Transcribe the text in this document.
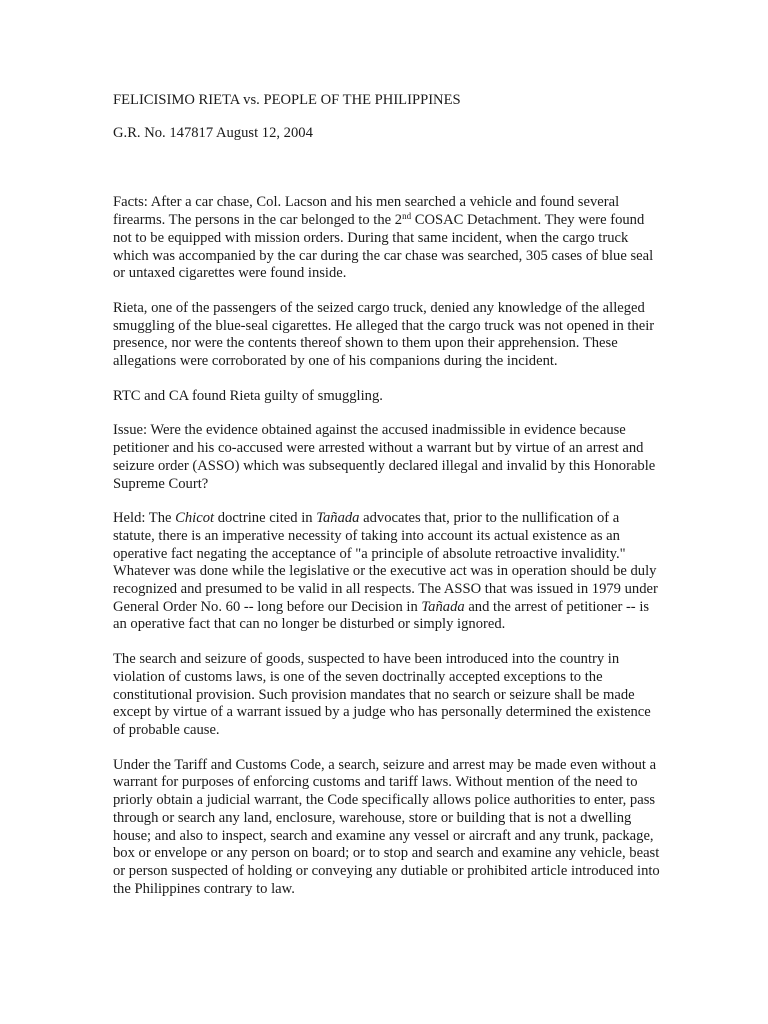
FELICISIMO RIETA vs. PEOPLE OF THE PHILIPPINES

G.R. No. 147817 August 12, 2004

Facts: After a car chase, Col. Lacson and his men searched a vehicle and found several firearms. The persons in the car belonged to the 2nd COSAC Detachment. They were found not to be equipped with mission orders. During that same incident, when the cargo truck which was accompanied by the car during the car chase was searched, 305 cases of blue seal or untaxed cigarettes were found inside.

Rieta, one of the passengers of the seized cargo truck, denied any knowledge of the alleged smuggling of the blue-seal cigarettes. He alleged that the cargo truck was not opened in their presence, nor were the contents thereof shown to them upon their apprehension. These allegations were corroborated by one of his companions during the incident.

RTC and CA found Rieta guilty of smuggling.

Issue: Were the evidence obtained against the accused inadmissible in evidence because petitioner and his co-accused were arrested without a warrant but by virtue of an arrest and seizure order (ASSO) which was subsequently declared illegal and invalid by this Honorable Supreme Court?

Held: The Chicot doctrine cited in Tañada advocates that, prior to the nullification of a statute, there is an imperative necessity of taking into account its actual existence as an operative fact negating the acceptance of "a principle of absolute retroactive invalidity." Whatever was done while the legislative or the executive act was in operation should be duly recognized and presumed to be valid in all respects. The ASSO that was issued in 1979 under General Order No. 60 -- long before our Decision in Tañada and the arrest of petitioner -- is an operative fact that can no longer be disturbed or simply ignored.

The search and seizure of goods, suspected to have been introduced into the country in violation of customs laws, is one of the seven doctrinally accepted exceptions to the constitutional provision. Such provision mandates that no search or seizure shall be made except by virtue of a warrant issued by a judge who has personally determined the existence of probable cause.

Under the Tariff and Customs Code, a search, seizure and arrest may be made even without a warrant for purposes of enforcing customs and tariff laws. Without mention of the need to priorly obtain a judicial warrant, the Code specifically allows police authorities to enter, pass through or search any land, enclosure, warehouse, store or building that is not a dwelling house; and also to inspect, search and examine any vessel or aircraft and any trunk, package, box or envelope or any person on board; or to stop and search and examine any vehicle, beast or person suspected of holding or conveying any dutiable or prohibited article introduced into the Philippines contrary to law.
